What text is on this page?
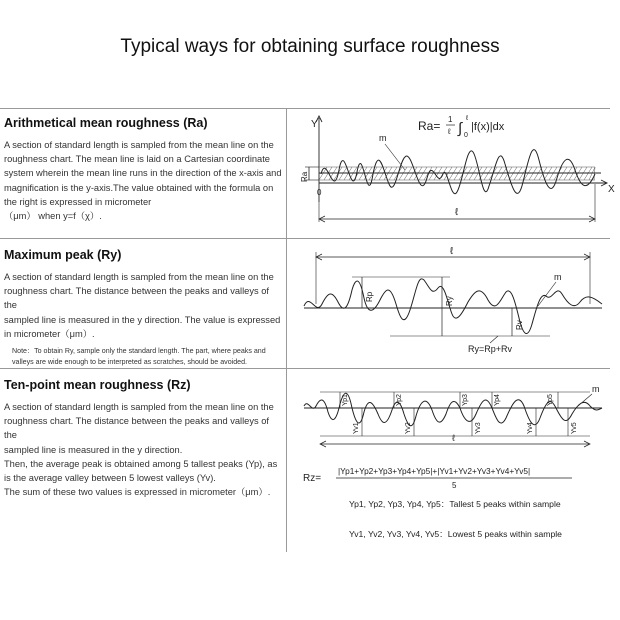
Typical ways for obtaining surface roughness
Arithmetical mean roughness (Ra)

A section of standard length is sampled from the mean line on the
roughness chart. The mean line is laid on a Cartesian coordinate
system wherein the mean line runs in the direction of the x-axis and
magnification is the y-axis.The value obtained with the formula on
the right is expressed in micrometer
（μm） when y=f（χ）.

Ra= 1
ℓ ∫
ℓ
0
|f(x)|dx
Y
X
0
Ra
m
ℓ
Maximum peak (Ry)

A section of standard length is sampled from the mean line on the
roughness chart. The distance between the peaks and valleys of the
sampled line is measured in the y direction. The value is expressed
in micrometer（μm）.

Note：To obtain Ry, sample only the standard length. The part, where peaks and
valleys are wide enough to be interpreted as scratches, should be avoided.

ℓ
Rp	Ry
Rv
m
Ry=Rp+Rv
Ten-point mean roughness (Rz)

A section of standard length is sampled from the mean line on the
roughness chart. The distance between the peaks and valleys of the
sampled line is measured in the y direction.
Then, the average peak is obtained among 5 tallest peaks (Yp), as
is the average valley between 5 lowest valleys (Yv).
The sum of these two values is expressed in micrometer（μm）.

Yp1	Yp2	Yp3	Yp4	Yp5
Yv1	Yv2	Yv3	Yv4	Yv5
m
ℓ
Rz=
|Yp1+Yp2+Yp3+Yp4+Yp5|+|Yv1+Yv2+Yv3+Yv4+Yv5|
5
Yp1, Yp2, Yp3, Yp4, Yp5：Tallest 5 peaks within sample
Yv1, Yv2, Yv3, Yv4, Yv5：Lowest 5 peaks within sample
